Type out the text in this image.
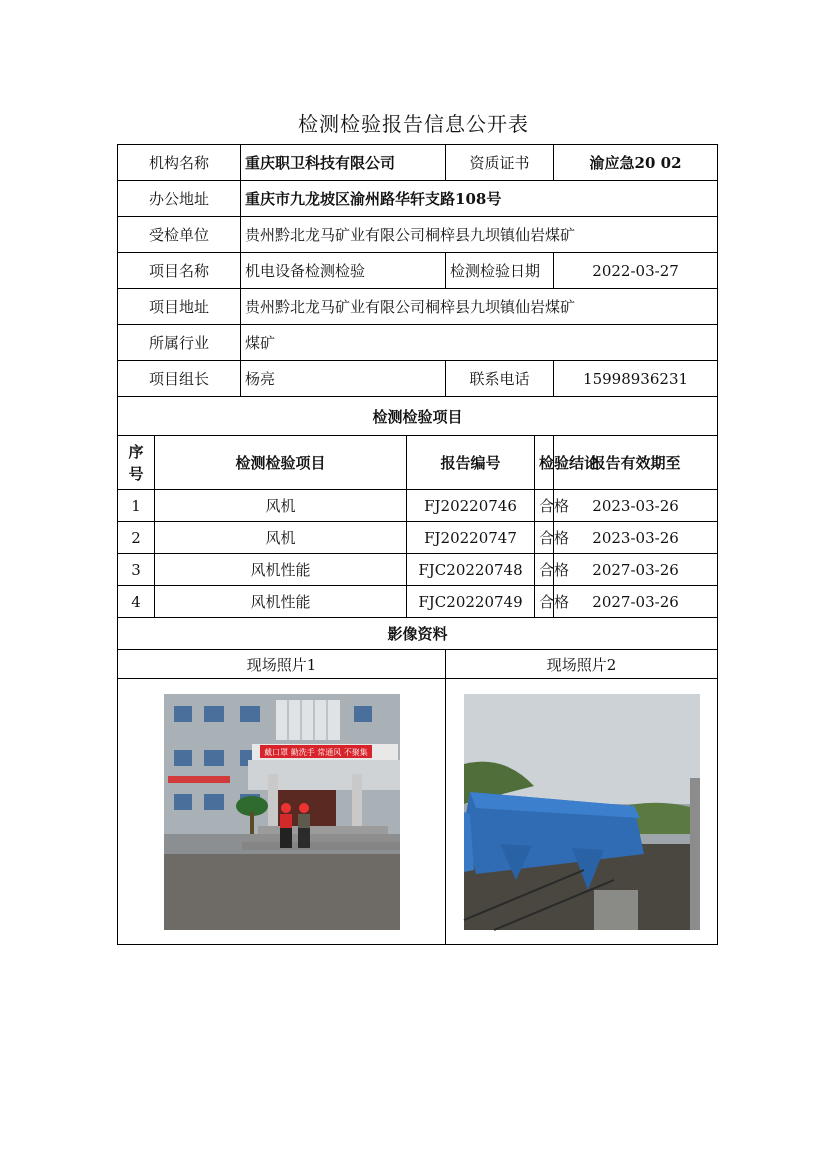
检测检验报告信息公开表
机构名称		重庆职卫科技有限公司		资质证书		渝应急20 02
办公地址		重庆市九龙坡区渝州路华轩支路108号				
受检单位		贵州黔北龙马矿业有限公司桐梓县九坝镇仙岩煤矿				
项目名称		机电设备检测检验		检测检验日期		2022-03-27
项目地址		贵州黔北龙马矿业有限公司桐梓县九坝镇仙岩煤矿				
所属行业		煤矿				
项目组长		杨亮		联系电话		15998936231
检测检验项目						
序号	检测检验项目		报告编号		检验结论	报告有效期至
1	风机		FJ20220746		合格	2023-03-26
2	风机		FJ20220747		合格	2023-03-26
3	风机性能		FJC20220748		合格	2027-03-26
4	风机性能		FJC20220749		合格	2027-03-26
影像资料						
现场照片1				现场照片2		

戴口罩 勤洗手 常通风 不聚集
